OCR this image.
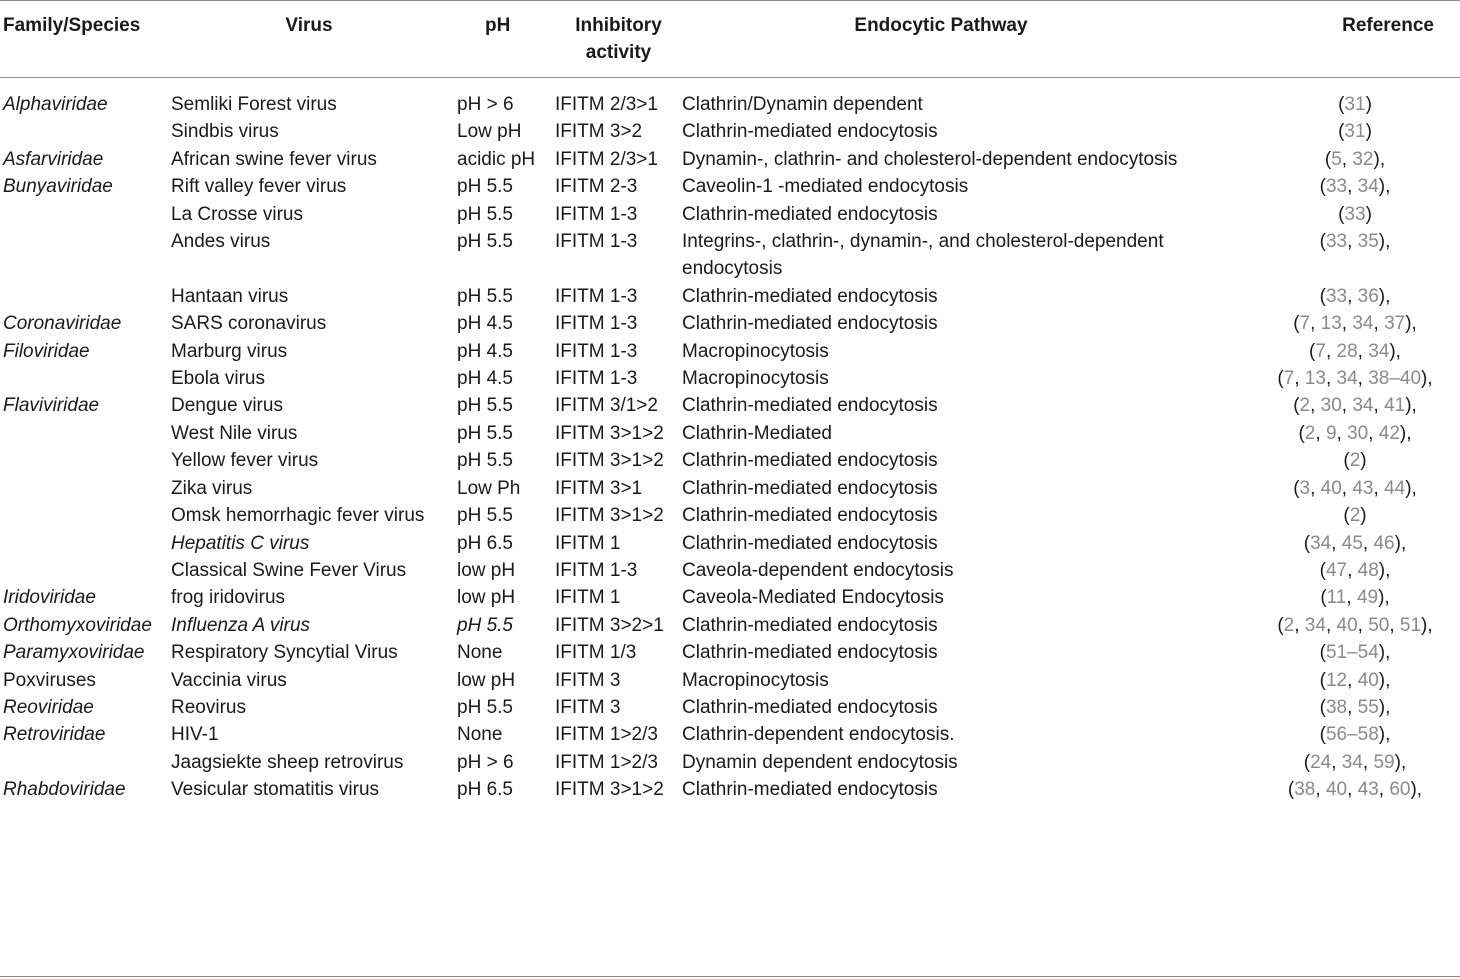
Family/Species	Virus	pH	Inhibitory activity	Endocytic Pathway	Reference
Alphaviridae	Semliki Forest virus	pH > 6	IFITM 2/3>1	Clathrin/Dynamin dependent	(31)
	Sindbis virus	Low pH	IFITM 3>2	Clathrin-mediated endocytosis	(31)
Asfarviridae	African swine fever virus	acidic pH	IFITM 2/3>1	Dynamin-, clathrin- and cholesterol-dependent endocytosis	(5, 32),
Bunyaviridae	Rift valley fever virus	pH 5.5	IFITM 2-3	Caveolin-1 -mediated endocytosis	(33, 34),
	La Crosse virus	pH 5.5	IFITM 1-3	Clathrin-mediated endocytosis	(33)
	Andes virus	pH 5.5	IFITM 1-3	Integrins-, clathrin-, dynamin-, and cholesterol-dependent endocytosis	(33, 35),
	Hantaan virus	pH 5.5	IFITM 1-3	Clathrin-mediated endocytosis	(33, 36),
Coronaviridae	SARS coronavirus	pH 4.5	IFITM 1-3	Clathrin-mediated endocytosis	(7, 13, 34, 37),
Filoviridae	Marburg virus	pH 4.5	IFITM 1-3	Macropinocytosis	(7, 28, 34),
	Ebola virus	pH 4.5	IFITM 1-3	Macropinocytosis	(7, 13, 34, 38–40),
Flaviviridae	Dengue virus	pH 5.5	IFITM 3/1>2	Clathrin-mediated endocytosis	(2, 30, 34, 41),
	West Nile virus	pH 5.5	IFITM 3>1>2	Clathrin-Mediated	(2, 9, 30, 42),
	Yellow fever virus	pH 5.5	IFITM 3>1>2	Clathrin-mediated endocytosis	(2)
	Zika virus	Low Ph	IFITM 3>1	Clathrin-mediated endocytosis	(3, 40, 43, 44),
	Omsk hemorrhagic fever virus	pH 5.5	IFITM 3>1>2	Clathrin-mediated endocytosis	(2)
	Hepatitis C virus	pH 6.5	IFITM 1	Clathrin-mediated endocytosis	(34, 45, 46),
	Classical Swine Fever Virus	low pH	IFITM 1-3	Caveola-dependent endocytosis	(47, 48),
Iridoviridae	frog iridovirus	low pH	IFITM 1	Caveola-Mediated Endocytosis	(11, 49),
Orthomyxoviridae	Influenza A virus	pH 5.5	IFITM 3>2>1	Clathrin-mediated endocytosis	(2, 34, 40, 50, 51),
Paramyxoviridae	Respiratory Syncytial Virus	None	IFITM 1/3	Clathrin-mediated endocytosis	(51–54),
Poxviruses	Vaccinia virus	low pH	IFITM 3	Macropinocytosis	(12, 40),
Reoviridae	Reovirus	pH 5.5	IFITM 3	Clathrin-mediated endocytosis	(38, 55),
Retroviridae	HIV-1	None	IFITM 1>2/3	Clathrin-dependent endocytosis.	(56–58),
	Jaagsiekte sheep retrovirus	pH > 6	IFITM 1>2/3	Dynamin dependent endocytosis	(24, 34, 59),
Rhabdoviridae	Vesicular stomatitis virus	pH 6.5	IFITM 3>1>2	Clathrin-mediated endocytosis	(38, 40, 43, 60),
